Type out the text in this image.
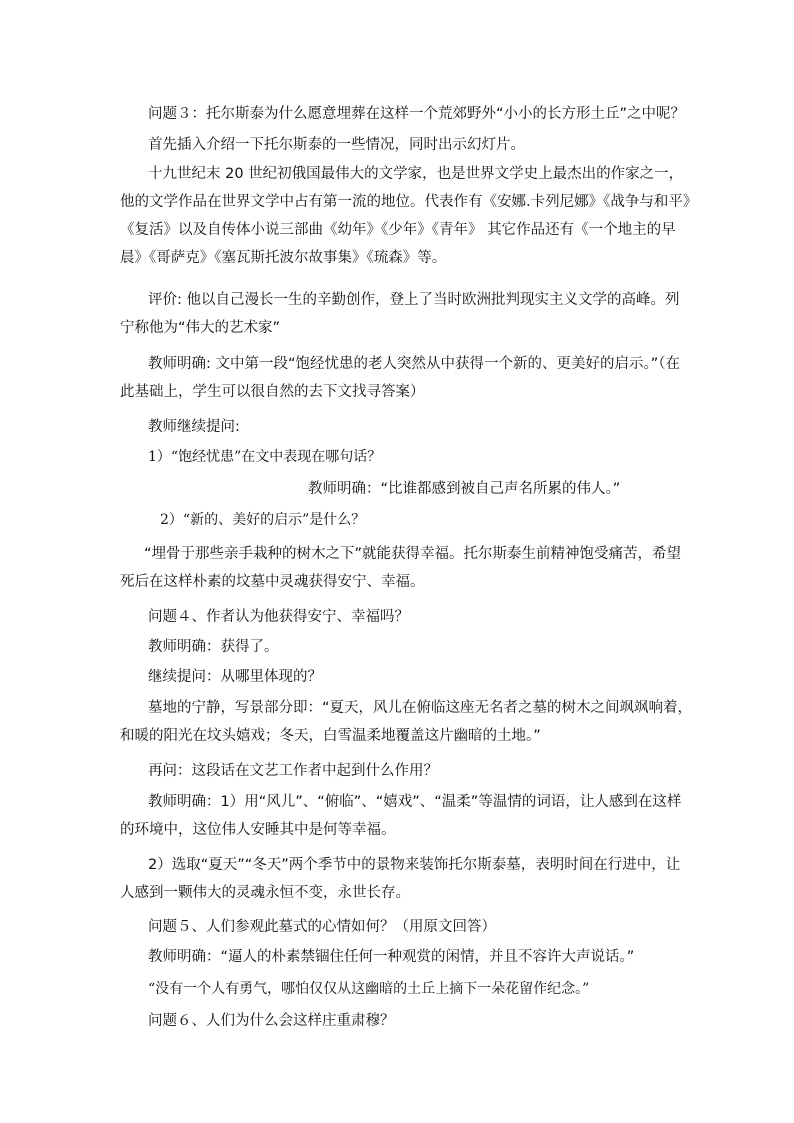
问题３：托尔斯泰为什么愿意埋葬在这样一个荒郊野外“小小的长方形土丘”之中呢？

首先插入介绍一下托尔斯泰的一些情况，同时出示幻灯片。

十九世纪末 20 世纪初俄国最伟大的文学家，也是世界文学史上最杰出的作家之一，他的文学作品在世界文学中占有第一流的地位。代表作有《安娜.卡列尼娜》《战争与和平》《复活》以及自传体小说三部曲《幼年》《少年》《青年》 其它作品还有《一个地主的早晨》《哥萨克》《塞瓦斯托波尔故事集》《琉森》等。

评价: 他以自己漫长一生的辛勤创作，登上了当时欧洲批判现实主义文学的高峰。列宁称他为“伟大的艺术家”

教师明确: 文中第一段“饱经忧患的老人突然从中获得一个新的、更美好的启示。”（在此基础上，学生可以很自然的去下文找寻答案）

教师继续提问:

1）“饱经忧患”在文中表现在哪句话？

教师明确：“比谁都感到被自己声名所累的伟人。”

2）“新的、美好的启示”是什么？

“埋骨于那些亲手栽种的树木之下”就能获得幸福。托尔斯泰生前精神饱受痛苦，希望死后在这样朴素的坟墓中灵魂获得安宁、幸福。

问题４、作者认为他获得安宁、幸福吗？

教师明确：获得了。

继续提问：从哪里体现的？

墓地的宁静，写景部分即：“夏天，风儿在俯临这座无名者之墓的树木之间飒飒响着，和暖的阳光在坟头嬉戏；冬天，白雪温柔地覆盖这片幽暗的土地。”

再问：这段话在文艺工作者中起到什么作用？

教师明确：1）用“风儿”、“俯临”、“嬉戏”、“温柔”等温情的词语，让人感到在这样的环境中，这位伟人安睡其中是何等幸福。

2）选取“夏天”“冬天”两个季节中的景物来装饰托尔斯泰墓，表明时间在行进中，让人感到一颗伟大的灵魂永恒不变，永世长存。

问题５、人们参观此墓式的心情如何？（用原文回答）

教师明确：“逼人的朴素禁锢住任何一种观赏的闲情，并且不容许大声说话。”

“没有一个人有勇气，哪怕仅仅从这幽暗的土丘上摘下一朵花留作纪念。”

问题６、人们为什么会这样庄重肃穆？
